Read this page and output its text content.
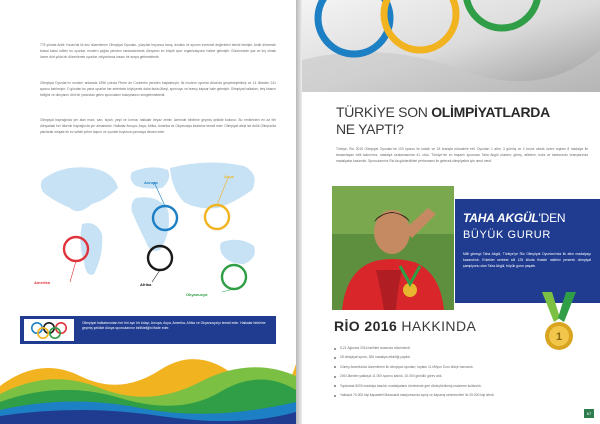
776 yılında Antik Yunan'da ilk kez düzenlenen Olimpiyat Oyunları, yüzyıllar boyunca barış, dostluk ve sporun evrensel değerlerini temsil etmiştir. Antik dönemde kutsal kabul edilen bu oyunlar, modern çağda yeniden canlandırılarak dünyanın en büyük spor organizasyonu haline gelmiştir. Günümüzde yaz ve kış olmak üzere dört yılda bir düzenlenen oyunlar, milyonlarca insanı bir araya getirmektedir.

Olimpiyat Oyunları'nı modern anlamda 1896 yılında Pierre de Coubertin yeniden başlatmıştır. İlk modern oyunlar Atina'da gerçekleştirilmiş ve 14 ülkeden 241 sporcu katılmıştır. O günden bu yana oyunlar her seferinde büyüyerek daha fazla ülkeyi, sporcuyu ve branşı kapsar hale gelmiştir. Olimpiyat halkaları, beş kıtanın birliğini ve dünyanın dört bir yanından gelen sporcuların buluşmasını simgelemektedir.

Olimpiyat bayrağında yer alan mavi, sarı, siyah, yeşil ve kırmızı halkalar beyaz zemin üzerinde birbirine geçmiş şekilde bulunur. Bu renklerden en az biri dünyadaki her ülkenin bayrağında yer almaktadır. Halkalar Avrupa, Asya, Afrika, Amerika ve Okyanusya kıtalarını temsil eder. Olimpiyat ateşi ise Antik Olimpia'da yakılarak meşale ile ev sahibi şehre taşınır ve oyunlar boyunca yanmaya devam eder.

Amerika
Avrupa
Asya
Afrika
Okyanusya

Olimpiyat halkalarından her biri ayrı bir kıtayı; Avrupa, Asya, Amerika, Afrika ve Okyanusya'yı temsil eder. Halkalar birbirine geçmiş şekilde dünya sporcularının birlikteliğini ifade eder.

TÜRKİYE SON OLİMPİYATLARDA
NE YAPTI?

Türkiye, Rio 2016 Olimpiyat Oyunları'na 103 sporcu ile katıldı ve 18 branşta mücadele etti. Oyunları 1 altın, 3 gümüş ve 4 bronz olmak üzere toplam 8 madalya ile tamamlayan milli takımımız, madalya sıralamasında 41. oldu. Türkiye'nin en başarılı sporcusu Taha Akgül olurken; güreş, atletizm, boks ve taekwondo branşlarında madalyalar kazanıldı. Sporcularımız Rio'da gösterdikleri performans ile gelecek olimpiyatlar için umut verdi.

TAHA AKGÜL'DEN
BÜYÜK GURUR

Milli güreşçi Taha Akgül, Türkiye'ye Rio Olimpiyat Oyunları'nda ilk altın madalyayı kazandırdı. Erkekler serbest stil 125 kiloda finalde rakibini yenerek olimpiyat şampiyonu olan Taha Akgül, büyük gurur yaşattı.

1
RİO 2016 HAKKINDA
5-21 Ağustos 2016 tarihleri arasında düzenlendi.
28 olimpiyat sporu, 306 madalya etkinliği yapıldı.
Güney Amerika'da düzenlenen ilk olimpiyat oyunları; toplam 11 Milyon Euro bütçe harcandı.
206 Ülkeden yaklaşık 11.000 sporcu katıldı, 10.000 gönüllü görev aldı.
Toplamda 5000 madalya basıldı; madalyaların üretiminde geri dönüştürülmüş malzeme kullanıldı.
Yaklaşık 70.000 kişi kapasiteli Maracanã stadyumunda açılış ve kapanış seremonileri ile 25.000 kişi izledi.
67
